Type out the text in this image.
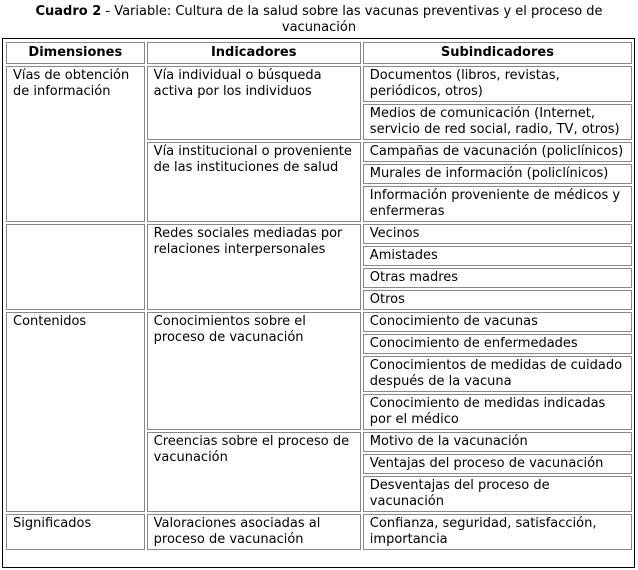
Cuadro 2 - Variable: Cultura de la salud sobre las vacunas preventivas y el proceso de vacunación
Dimensiones	Indicadores	Subindicadores
Vías de obtención de información	Vía individual o búsqueda activa por los individuos	Documentos (libros, revistas, periódicos, otros)
		Medios de comunicación (Internet, servicio de red social, radio, TV, otros)
	Vía institucional o proveniente de las instituciones de salud	Campañas de vacunación (policlínicos)
		Murales de información (policlínicos)
		Información proveniente de médicos y enfermeras
	Redes sociales mediadas por relaciones interpersonales	Vecinos
		Amistades
		Otras madres
		Otros
Contenidos	Conocimientos sobre el proceso de vacunación	Conocimiento de vacunas
		Conocimiento de enfermedades
		Conocimientos de medidas de cuidado después de la vacuna
		Conocimiento de medidas indicadas por el médico
	Creencias sobre el proceso de vacunación	Motivo de la vacunación
		Ventajas del proceso de vacunación
		Desventajas del proceso de vacunación
Significados	Valoraciones asociadas al proceso de vacunación	Confianza, seguridad, satisfacción, importancia
